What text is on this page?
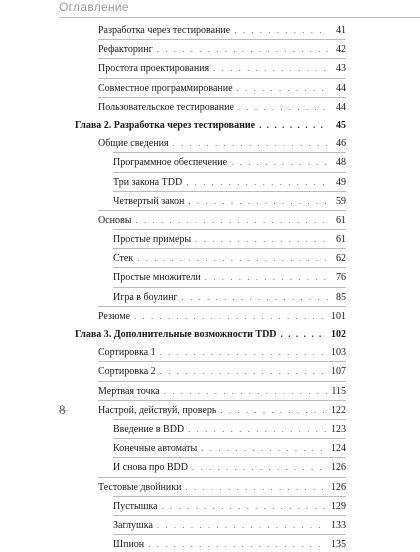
Оглавление
Разработка через тестирование . . .	41
Рефакторинг . . .	42
Простота проектирования . . .	43
Совместное программирование . . .	44
Пользовательское тестирование . . .	44
Глава 2. Разработка через тестирование . . .	45
Общие сведения . . .	46
Программное обеспечение . . .	48
Три закона TDD . . .	49
Четвертый закон . . .	59
Основы . . .	61
Простые примеры . . .	61
Стек . . .	62
Простые множители . . .	76
Игра в боулинг . . .	85
Резюме . . .	101
Глава 3. Дополнительные возможности TDD . . .	102
Сортировка 1 . . .	103
Сортировка 2 . . .	107
Мертвая точка . . .	115
Настрой, действуй, проверь . . .	122
Введение в BDD . . .	123
Конечные автоматы . . .	124
И снова про BDD . . .	126
Тестовые двойники . . .	126
Пустышка . . .	129
Заглушка . . .	133
Шпион . . .	135
8
